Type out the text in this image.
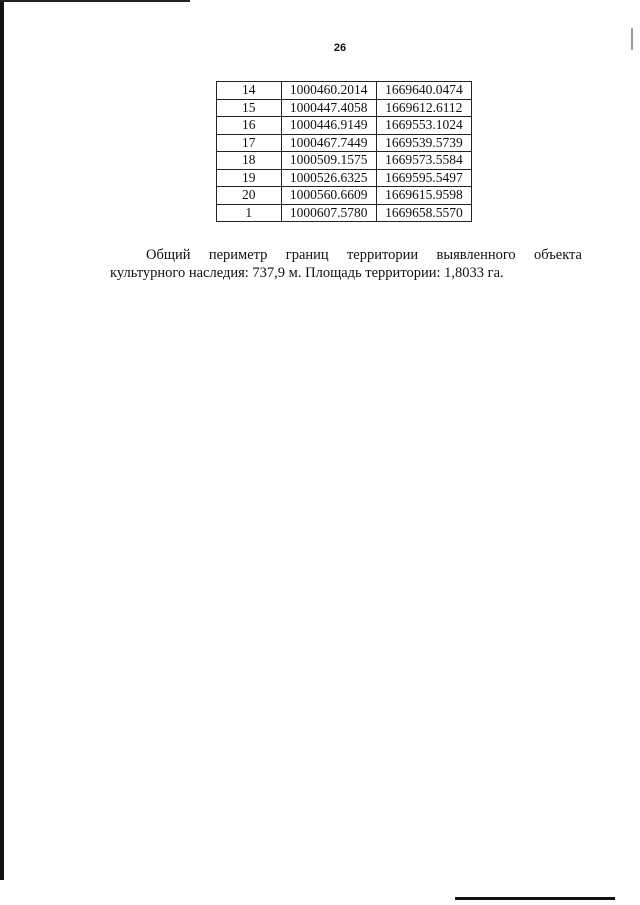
26
14	1000460.2014	1669640.0474
15	1000447.4058	1669612.6112
16	1000446.9149	1669553.1024
17	1000467.7449	1669539.5739
18	1000509.1575	1669573.5584
19	1000526.6325	1669595.5497
20	1000560.6609	1669615.9598
1	1000607.5780	1669658.5570

Общий периметр границ территории выявленного объекта культурного наследия: 737,9 м. Площадь территории: 1,8033 га.
